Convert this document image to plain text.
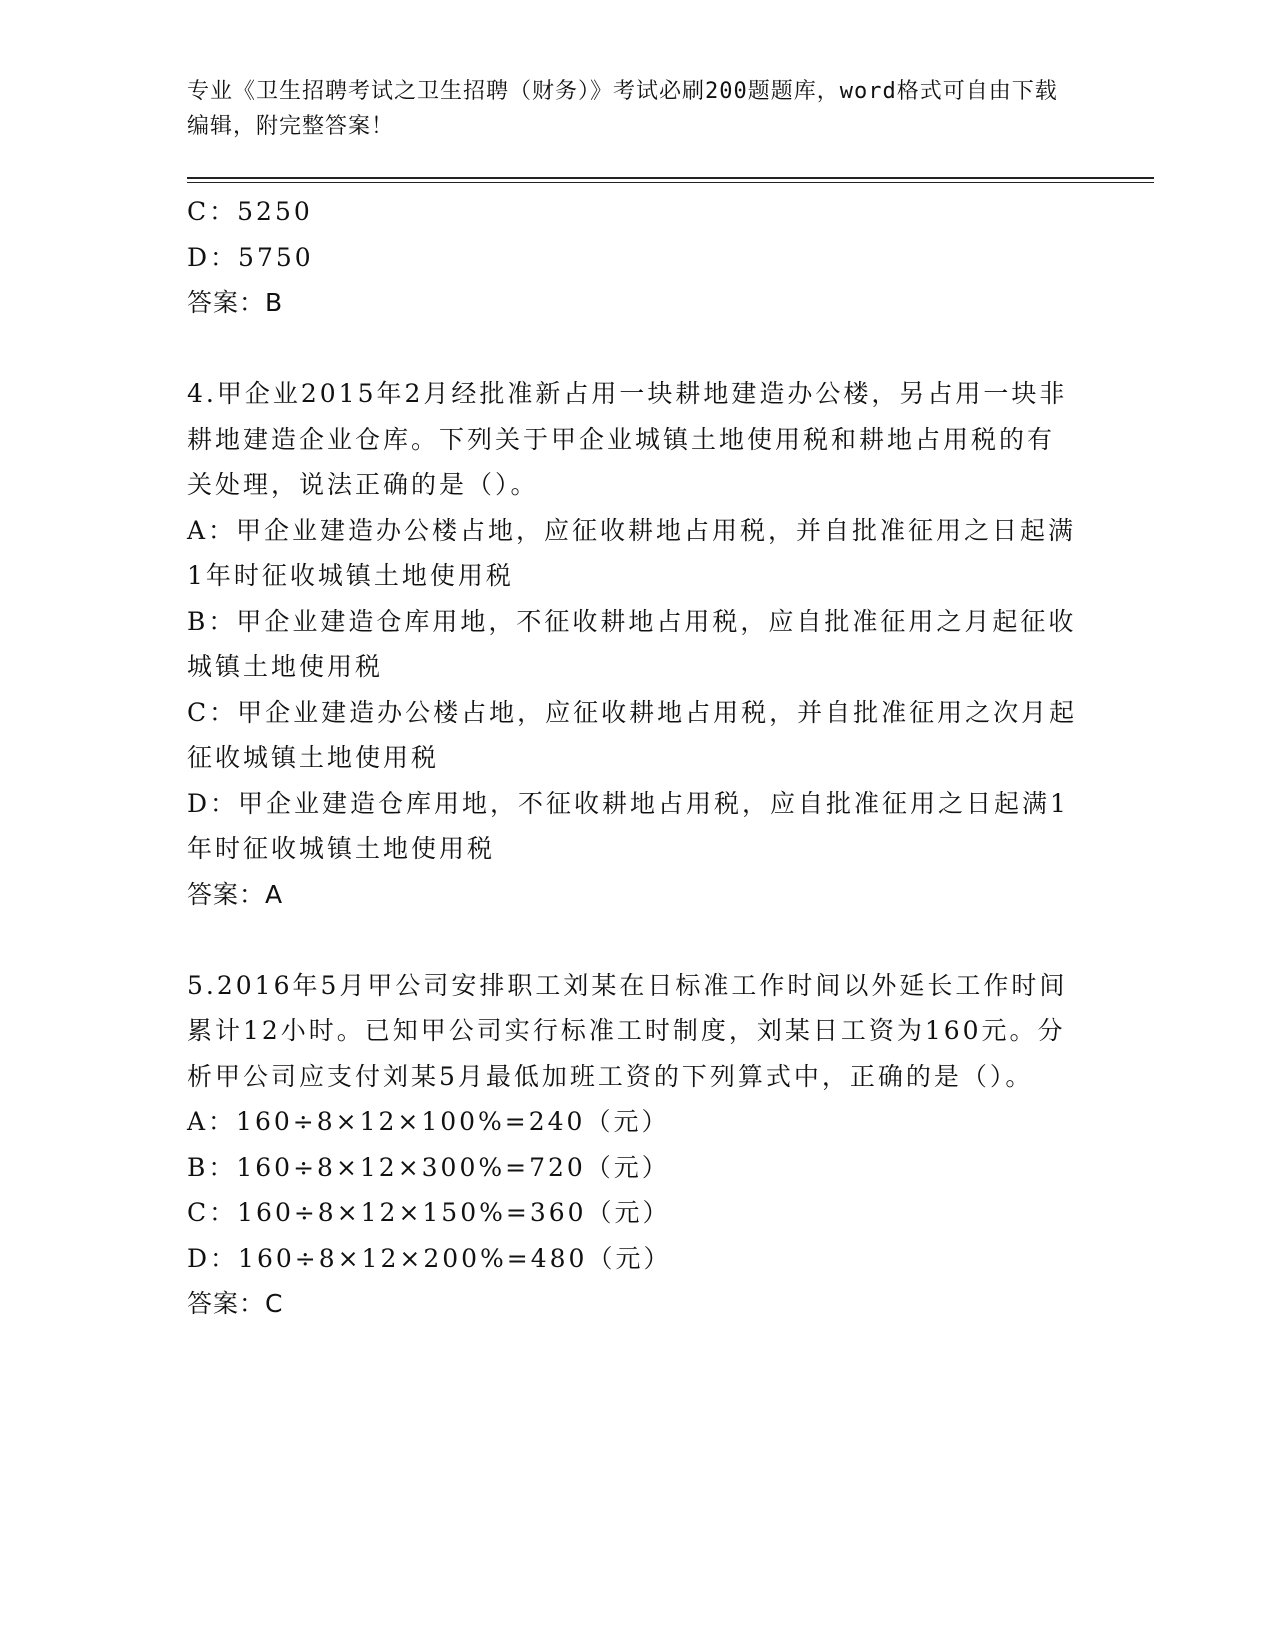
专业《卫生招聘考试之卫生招聘（财务）》考试必刷200题题库，word格式可自由下载编辑，附完整答案！

C：5250

D：5750

答案：B

4.甲企业2015年2月经批准新占用一块耕地建造办公楼，另占用一块非耕地建造企业仓库。下列关于甲企业城镇土地使用税和耕地占用税的有关处理，说法正确的是（）。

A：甲企业建造办公楼占地，应征收耕地占用税，并自批准征用之日起满1年时征收城镇土地使用税

B：甲企业建造仓库用地，不征收耕地占用税，应自批准征用之月起征收城镇土地使用税

C：甲企业建造办公楼占地，应征收耕地占用税，并自批准征用之次月起征收城镇土地使用税

D：甲企业建造仓库用地，不征收耕地占用税，应自批准征用之日起满1年时征收城镇土地使用税

答案：A

5.2016年5月甲公司安排职工刘某在日标准工作时间以外延长工作时间累计12小时。已知甲公司实行标准工时制度，刘某日工资为160元。分析甲公司应支付刘某5月最低加班工资的下列算式中，正确的是（）。

A：160÷8×12×100%=240（元）

B：160÷8×12×300%=720（元）

C：160÷8×12×150%=360（元）

D：160÷8×12×200%=480（元）

答案：C
